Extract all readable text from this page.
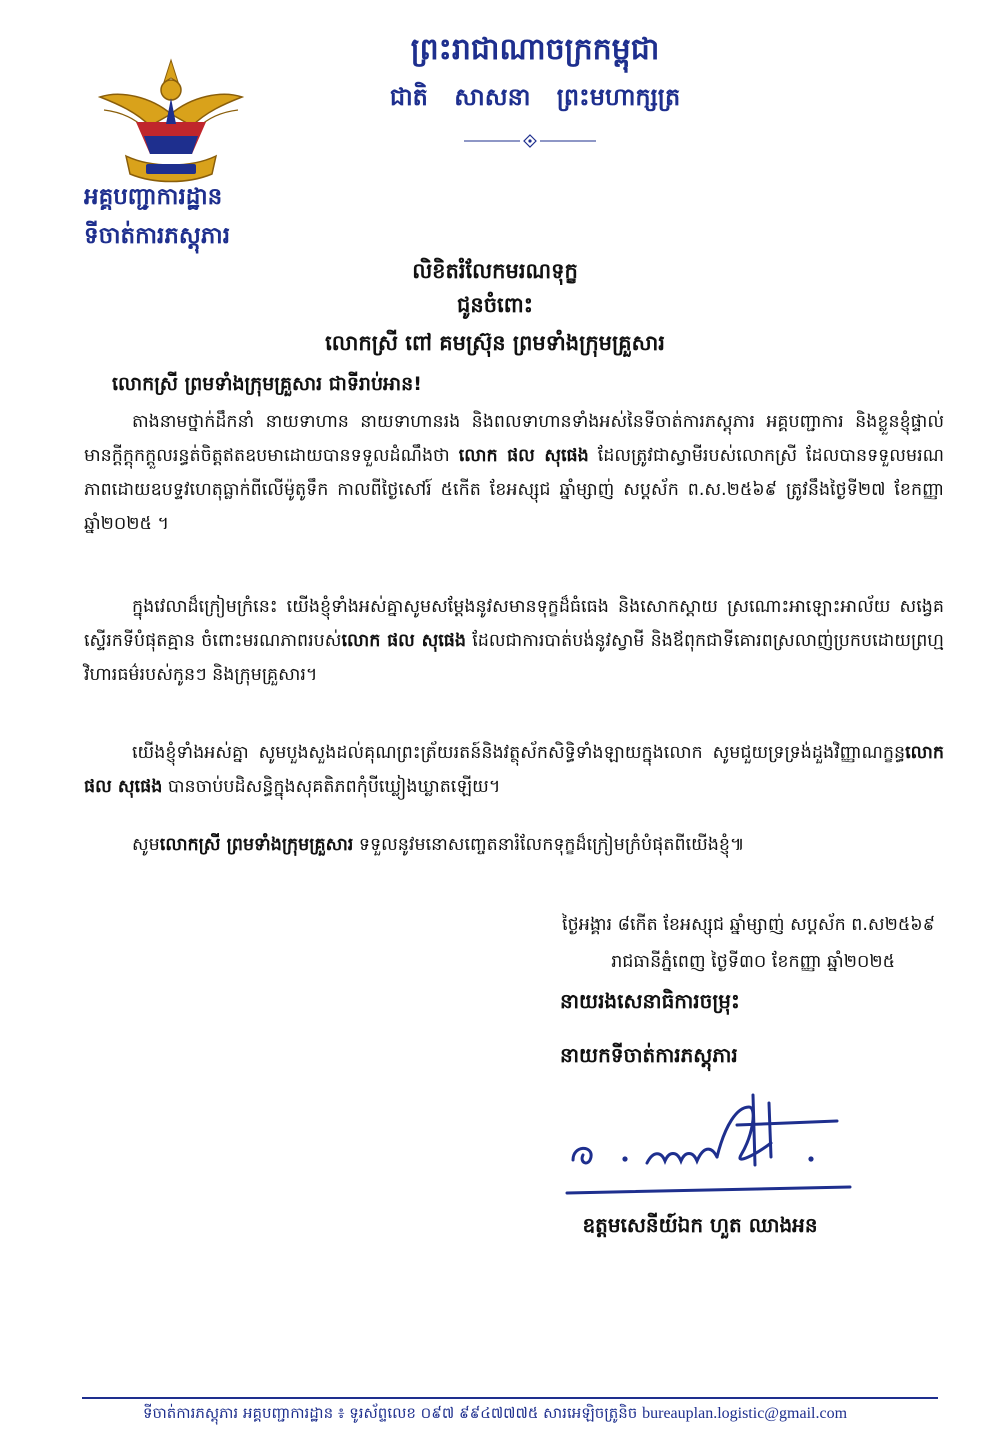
ព្រះរាជាណាចក្រកម្ពុជា
ជាតិ សាសនា ព្រះមហាក្សត្រ
អគ្គបញ្ជាការដ្ឋាន
ទីចាត់ការភស្តុភារ
លិខិតរំលែកមរណទុក្ខ
ជូនចំពោះ
លោកស្រី ពៅ គមស្រ៊ុន ព្រមទាំងក្រុមគ្រួសារ
លោកស្រី ព្រមទាំងក្រុមគ្រួសារ ជាទីរាប់អាន!
តាងនាមថ្នាក់ដឹកនាំ នាយទាហាន នាយទាហានរង និងពលទាហានទាំងអស់នៃទីចាត់ការភស្តុភារ អគ្គបញ្ជាការ និងខ្លួនខ្ញុំផ្ទាល់ មានក្តីក្តុកក្តួលរន្ធត់ចិត្តឥតឧបមាដោយបានទទួលដំណឹងថា លោក ផល សុផេង ដែលត្រូវជាស្វាមីរបស់លោកស្រី ដែលបានទទួលមរណភាពដោយឧបទ្ទវហេតុធ្លាក់ពីលើម៉ូតូទឹក កាលពីថ្ងៃសៅរ៍ ៥កើត ខែអស្សុជ ឆ្នាំម្សាញ់ សប្តស័ក ព.ស.២៥៦៩ ត្រូវនឹងថ្ងៃទី២៧ ខែកញ្ញា ឆ្នាំ២០២៥ ។
ក្នុងវេលាដ៏ក្រៀមក្រំនេះ យើងខ្ញុំទាំងអស់គ្នាសូមសម្តែងនូវសមានទុក្ខដ៏ធំធេង និងសោកស្តាយ ស្រណោះអាឡោះអាល័យ សង្វេគស្ទើរកទីបំផុតគ្មាន ចំពោះមរណភាពរបស់លោក ផល សុផេង ដែលជាការបាត់បង់នូវស្វាមី និងឪពុកជាទីគោរពស្រលាញ់ប្រកបដោយព្រហ្មវិហារធម៌របស់កូនៗ និងក្រុមគ្រួសារ។
យើងខ្ញុំទាំងអស់គ្នា សូមបួងសួងដល់គុណព្រះត្រ័យរតន៍និងវត្ថុស័កសិទ្ធិទាំងឡាយក្នុងលោក សូមជួយទ្រទ្រង់ដួងវិញ្ញាណក្ខន្ធលោក ផល សុផេង បានចាប់បដិសន្ធិក្នុងសុគតិភពកុំបីឃ្លៀងឃ្លាតឡើយ។
សូមលោកស្រី ព្រមទាំងក្រុមគ្រួសារ ទទួលនូវមនោសញ្ចេតនារំលែកទុក្ខដ៏ក្រៀមក្រំបំផុតពីយើងខ្ញុំ៕
ថ្ងៃអង្គារ ៨កើត ខែអស្សុជ ឆ្នាំម្សាញ់ សប្តស័ក ព.ស២៥៦៩
រាជធានីភ្នំពេញ ថ្ងៃទី៣០ ខែកញ្ញា ឆ្នាំ២០២៥
នាយរងសេនាធិការចម្រុះ
នាយកទីចាត់ការភស្តុភារ
ឧត្តមសេនីយ៍ឯក ហួត ឈាងអន
ទីចាត់ការភស្តុភារ អគ្គបញ្ជាការដ្ឋាន ៖ ទូរស័ព្ទលេខ ០៩៧ ៩៩៤៧៧៧៥ សារអេឡិចត្រូនិច bureauplan.logistic@gmail.com
